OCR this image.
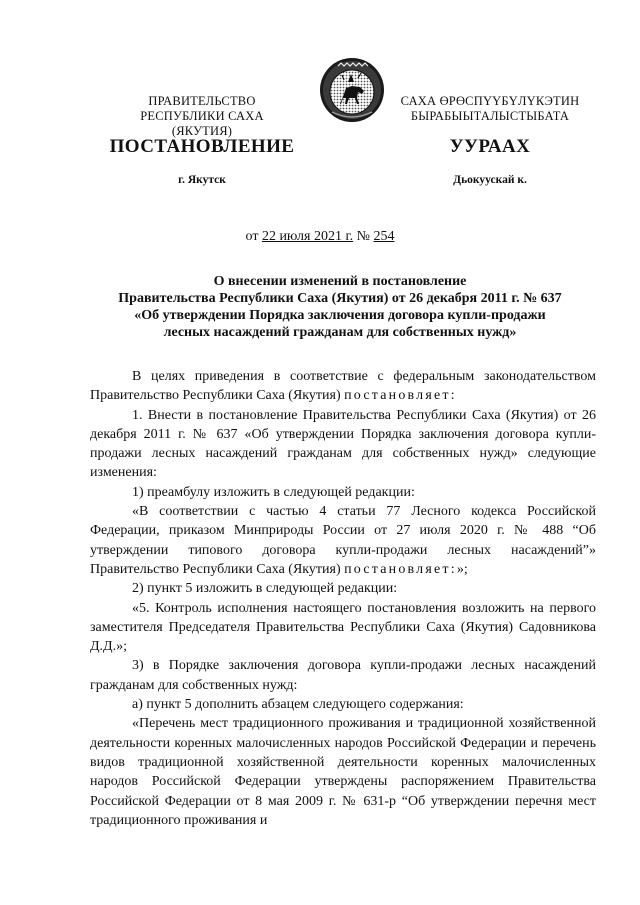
ПРАВИТЕЛЬСТВО
РЕСПУБЛИКИ САХА (ЯКУТИЯ)
САХА ӨРӨСПҮҮБҮЛҮКЭТИН
БЫРАБЫЫТАЛЫСТЫБАТА
ПОСТАНОВЛЕНИЕ	УУРААХ
г. Якутск	Дьокуускай к.
от 22 июля 2021 г. № 254
О внесении изменений в постановление
Правительства Республики Саха (Якутия) от 26 декабря 2011 г. № 637
«Об утверждении Порядка заключения договора купли-продажи
лесных насаждений гражданам для собственных нужд»

В целях приведения в соответствие с федеральным законодательством Правительство Республики Саха (Якутия) постановляет:

1. Внести в постановление Правительства Республики Саха (Якутия) от 26 декабря 2011 г. № 637 «Об утверждении Порядка заключения договора купли-продажи лесных насаждений гражданам для собственных нужд» следующие изменения:

1) преамбулу изложить в следующей редакции:

«В соответствии с частью 4 статьи 77 Лесного кодекса Российской Федерации, приказом Минприроды России от 27 июля 2020 г. № 488 “Об утверждении типового договора купли-продажи лесных насаждений”» Правительство Республики Саха (Якутия) постановляет:»;

2) пункт 5 изложить в следующей редакции:

«5. Контроль исполнения настоящего постановления возложить на первого заместителя Председателя Правительства Республики Саха (Якутия) Садовникова Д.Д.»;

3) в Порядке заключения договора купли-продажи лесных насаждений гражданам для собственных нужд:

а) пункт 5 дополнить абзацем следующего содержания:

«Перечень мест традиционного проживания и традиционной хозяйственной деятельности коренных малочисленных народов Российской Федерации и перечень видов традиционной хозяйственной деятельности коренных малочисленных народов Российской Федерации утверждены распоряжением Правительства Российской Федерации от 8 мая 2009 г. № 631-р “Об утверждении перечня мест традиционного проживания и
